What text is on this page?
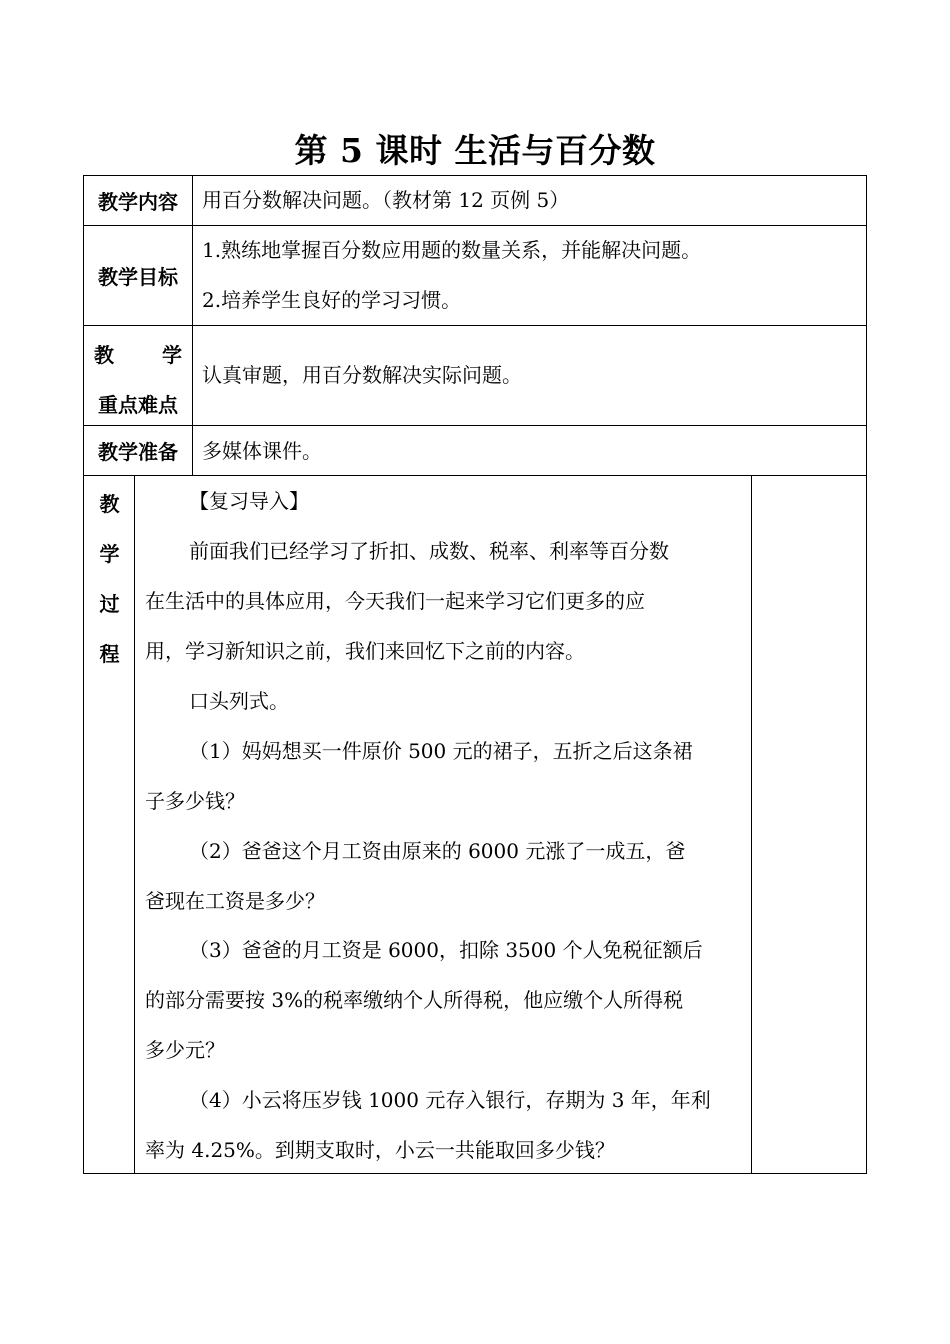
第 5 课时 生活与百分数
教学内容	用百分数解决问题。（教材第 12 页例 5）
教学目标
1.熟练地掌握百分数应用题的数量关系，并能解决问题。
2.培养学生良好的学习习惯。
教 学
重点难点
认真审题，用百分数解决实际问题。
教学准备	多媒体课件。
教
学
过
程
【复习导入】
前面我们已经学习了折扣、成数、税率、利率等百分数
在生活中的具体应用，今天我们一起来学习它们更多的应
用，学习新知识之前，我们来回忆下之前的内容。
口头列式。
（1）妈妈想买一件原价 500 元的裙子，五折之后这条裙
子多少钱？
（2）爸爸这个月工资由原来的 6000 元涨了一成五，爸
爸现在工资是多少？
（3）爸爸的月工资是 6000，扣除 3500 个人免税征额后
的部分需要按 3%的税率缴纳个人所得税，他应缴个人所得税
多少元？
（4）小云将压岁钱 1000 元存入银行，存期为 3 年，年利
率为 4.25%。到期支取时，小云一共能取回多少钱？
